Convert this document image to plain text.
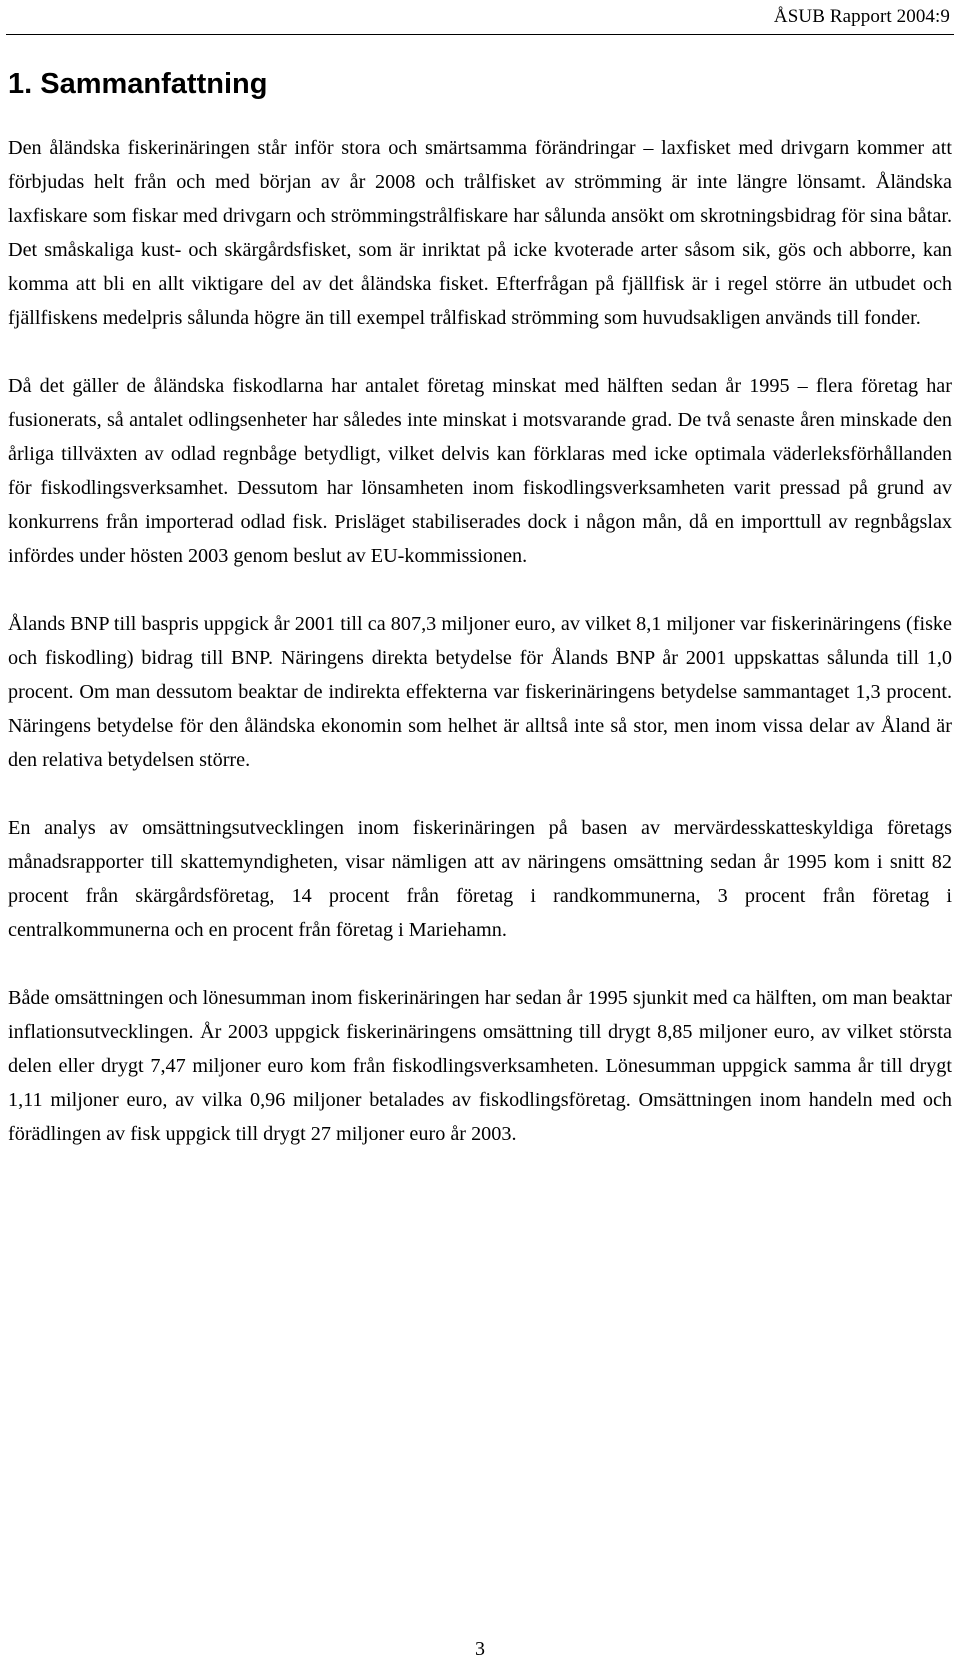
ÅSUB Rapport 2004:9
1. Sammanfattning

Den åländska fiskerinäringen står inför stora och smärtsamma förändringar – laxfisket med drivgarn kommer att förbjudas helt från och med början av år 2008 och trålfisket av strömming är inte längre lönsamt. Åländska laxfiskare som fiskar med drivgarn och strömmingstrålfiskare har sålunda ansökt om skrotningsbidrag för sina båtar. Det småskaliga kust- och skärgårdsfisket, som är inriktat på icke kvoterade arter såsom sik, gös och abborre, kan komma att bli en allt viktigare del av det åländska fisket. Efterfrågan på fjällfisk är i regel större än utbudet och fjällfiskens medelpris sålunda högre än till exempel trålfiskad strömming som huvudsakligen används till fonder.

Då det gäller de åländska fiskodlarna har antalet företag minskat med hälften sedan år 1995 – flera företag har fusionerats, så antalet odlingsenheter har således inte minskat i motsvarande grad. De två senaste åren minskade den årliga tillväxten av odlad regnbåge betydligt, vilket delvis kan förklaras med icke optimala väderleksförhållanden för fiskodlingsverksamhet. Dessutom har lönsamheten inom fiskodlingsverksamheten varit pressad på grund av konkurrens från importerad odlad fisk. Prisläget stabiliserades dock i någon mån, då en importtull av regnbågslax infördes under hösten 2003 genom beslut av EU-kommissionen.

Ålands BNP till baspris uppgick år 2001 till ca 807,3 miljoner euro, av vilket 8,1 miljoner var fiskerinäringens (fiske och fiskodling) bidrag till BNP. Näringens direkta betydelse för Ålands BNP år 2001 uppskattas sålunda till 1,0 procent. Om man dessutom beaktar de indirekta effekterna var fiskerinäringens betydelse sammantaget 1,3 procent. Näringens betydelse för den åländska ekonomin som helhet är alltså inte så stor, men inom vissa delar av Åland är den relativa betydelsen större.

En analys av omsättningsutvecklingen inom fiskerinäringen på basen av mervärdesskatteskyldiga företags månadsrapporter till skattemyndigheten, visar nämligen att av näringens omsättning sedan år 1995 kom i snitt 82 procent från skärgårdsföretag, 14 procent från företag i randkommunerna, 3 procent från företag i centralkommunerna och en procent från företag i Mariehamn.

Både omsättningen och lönesumman inom fiskerinäringen har sedan år 1995 sjunkit med ca hälften, om man beaktar inflationsutvecklingen. År 2003 uppgick fiskerinäringens omsättning till drygt 8,85 miljoner euro, av vilket största delen eller drygt 7,47 miljoner euro kom från fiskodlingsverksamheten. Lönesumman uppgick samma år till drygt 1,11 miljoner euro, av vilka 0,96 miljoner betalades av fiskodlingsföretag. Omsättningen inom handeln med och förädlingen av fisk uppgick till drygt 27 miljoner euro år 2003.

3
